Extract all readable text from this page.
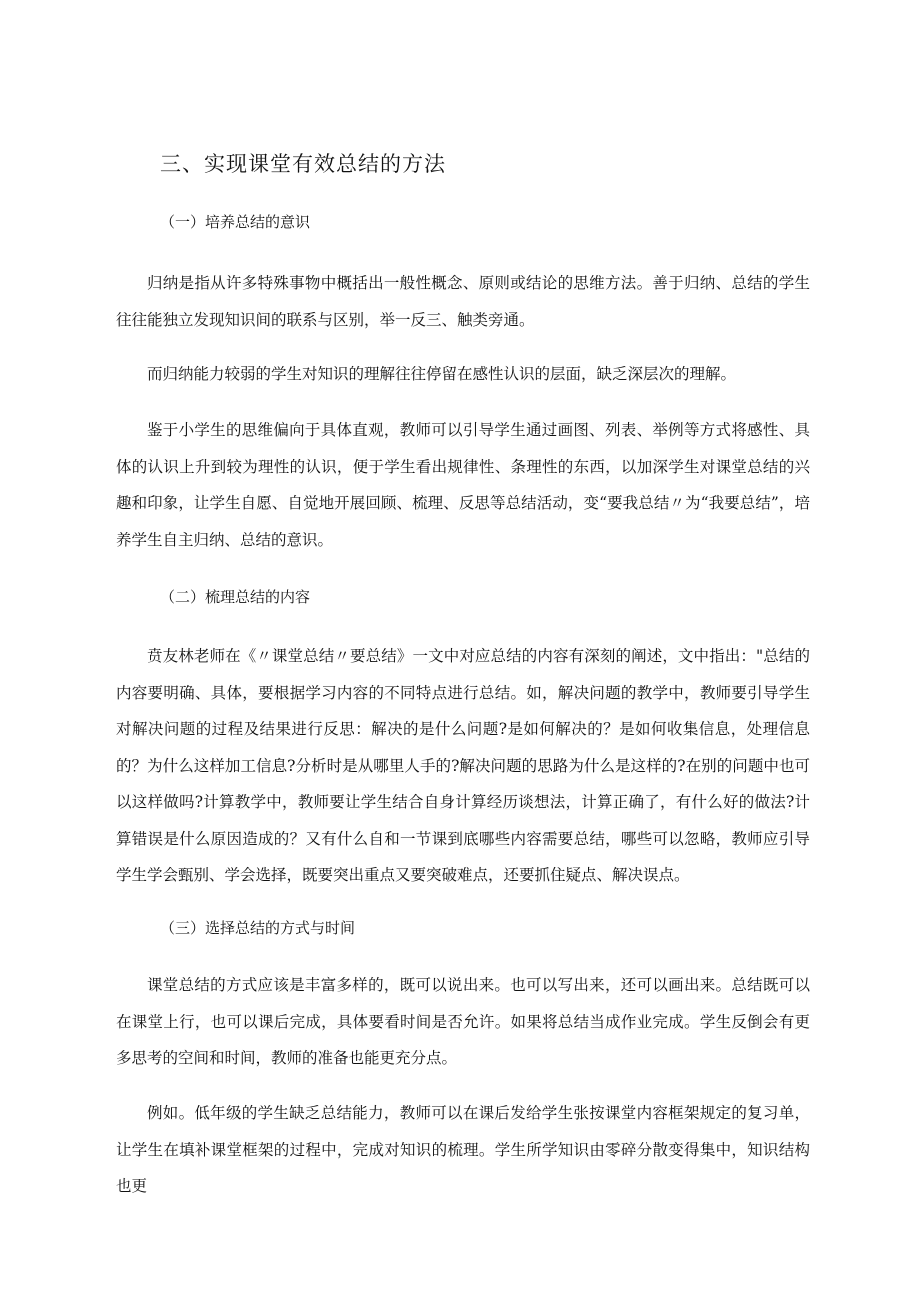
三、实现课堂有效总结的方法
（一）培养总结的意识

归纳是指从许多特殊事物中概括出一般性概念、原则或结论的思维方法。善于归纳、总结的学生往往能独立发现知识间的联系与区别，举一反三、触类旁通。

而归纳能力较弱的学生对知识的理解往往停留在感性认识的层面，缺乏深层次的理解。

鉴于小学生的思维偏向于具体直观，教师可以引导学生通过画图、列表、举例等方式将感性、具体的认识上升到较为理性的认识，便于学生看出规律性、条理性的东西，以加深学生对课堂总结的兴趣和印象，让学生自愿、自觉地开展回顾、梳理、反思等总结活动，变“要我总结〃为“我要总结”，培养学生自主归纳、总结的意识。

（二）梳理总结的内容

贲友林老师在《〃课堂总结〃要总结》一文中对应总结的内容有深刻的阐述，文中指出："总结的内容要明确、具体，要根据学习内容的不同特点进行总结。如，解决问题的教学中，教师要引导学生对解决问题的过程及结果进行反思：解决的是什么问题?是如何解决的？是如何收集信息，处理信息的？为什么这样加工信息?分析时是从哪里人手的?解决问题的思路为什么是这样的?在别的问题中也可以这样做吗?计算教学中，教师要让学生结合自身计算经历谈想法，计算正确了，有什么好的做法?计算错误是什么原因造成的？又有什么自和一节课到底哪些内容需要总结，哪些可以忽略，教师应引导学生学会甄别、学会选择，既要突出重点又要突破难点，还要抓住疑点、解决误点。

（三）选择总结的方式与时间

课堂总结的方式应该是丰富多样的，既可以说出来。也可以写出来，还可以画出来。总结既可以在课堂上行，也可以课后完成，具体要看时间是否允许。如果将总结当成作业完成。学生反倒会有更多思考的空间和时间，教师的准备也能更充分点。

例如。低年级的学生缺乏总结能力，教师可以在课后发给学生张按课堂内容框架规定的复习单，让学生在填补课堂框架的过程中，完成对知识的梳理。学生所学知识由零碎分散变得集中，知识结构也更
